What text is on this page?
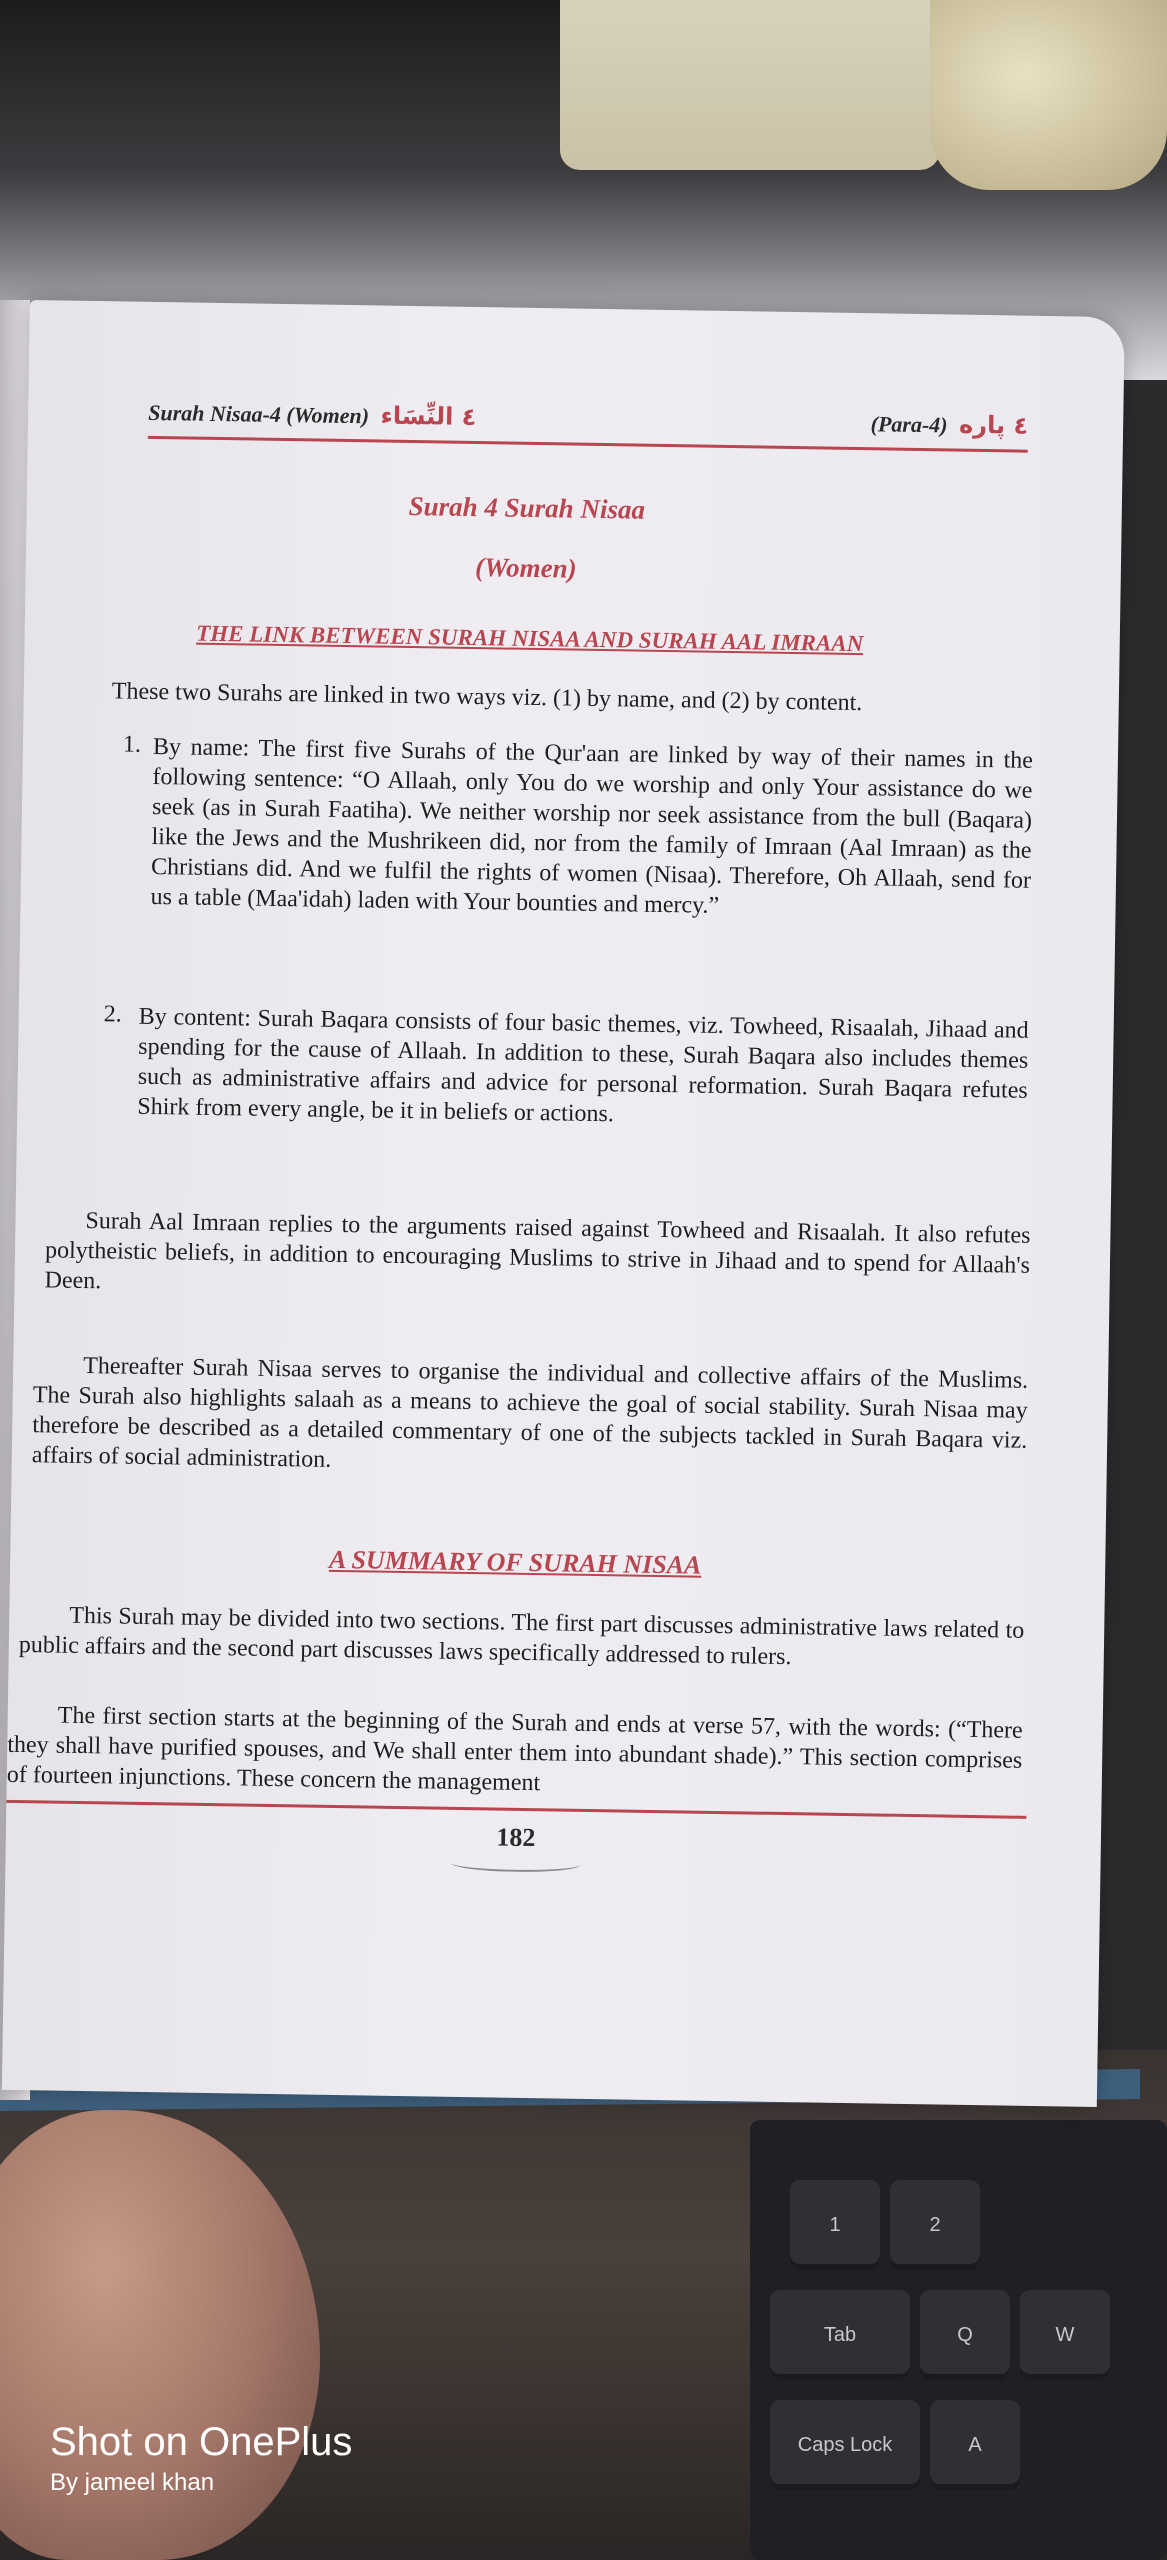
1	2
Tab	Q	W
Caps Lock	A
Surah Nisaa-4 (Women) ٤ النِّسَاء	(Para-4) ٤ پاره
Surah 4 Surah Nisaa
(Women)
THE LINK BETWEEN SURAH NISAA AND SURAH AAL IMRAAN
These two Surahs are linked in two ways viz. (1) by name, and (2) by content.
1. By name: The first five Surahs of the Qur'aan are linked by way of their names in the following sentence: “O Allaah, only You do we worship and only Your assistance do we seek (as in Surah Faatiha). We neither worship nor seek assistance from the bull (Baqara) like the Jews and the Mushrikeen did, nor from the family of Imraan (Aal Imraan) as the Christians did. And we fulfil the rights of women (Nisaa). Therefore, Oh Allaah, send for us a table (Maa'idah) laden with Your bounties and mercy.”
2. By content: Surah Baqara consists of four basic themes, viz. Towheed, Risaalah, Jihaad and spending for the cause of Allaah. In addition to these, Surah Baqara also includes themes such as administrative affairs and advice for personal reformation. Surah Baqara refutes Shirk from every angle, be it in beliefs or actions.
Surah Aal Imraan replies to the arguments raised against Towheed and Risaalah. It also refutes polytheistic beliefs, in addition to encouraging Muslims to strive in Jihaad and to spend for Allaah's Deen.
Thereafter Surah Nisaa serves to organise the individual and collective affairs of the Muslims. The Surah also highlights salaah as a means to achieve the goal of social stability. Surah Nisaa may therefore be described as a detailed commentary of one of the subjects tackled in Surah Baqara viz. affairs of social administration.
A SUMMARY OF SURAH NISAA
This Surah may be divided into two sections. The first part discusses administrative laws related to public affairs and the second part discusses laws specifically addressed to rulers.
The first section starts at the beginning of the Surah and ends at verse 57, with the words: (“There they shall have purified spouses, and We shall enter them into abundant shade).” This section comprises of fourteen injunctions. These concern the management
182
Shot on OnePlus
By jameel khan
